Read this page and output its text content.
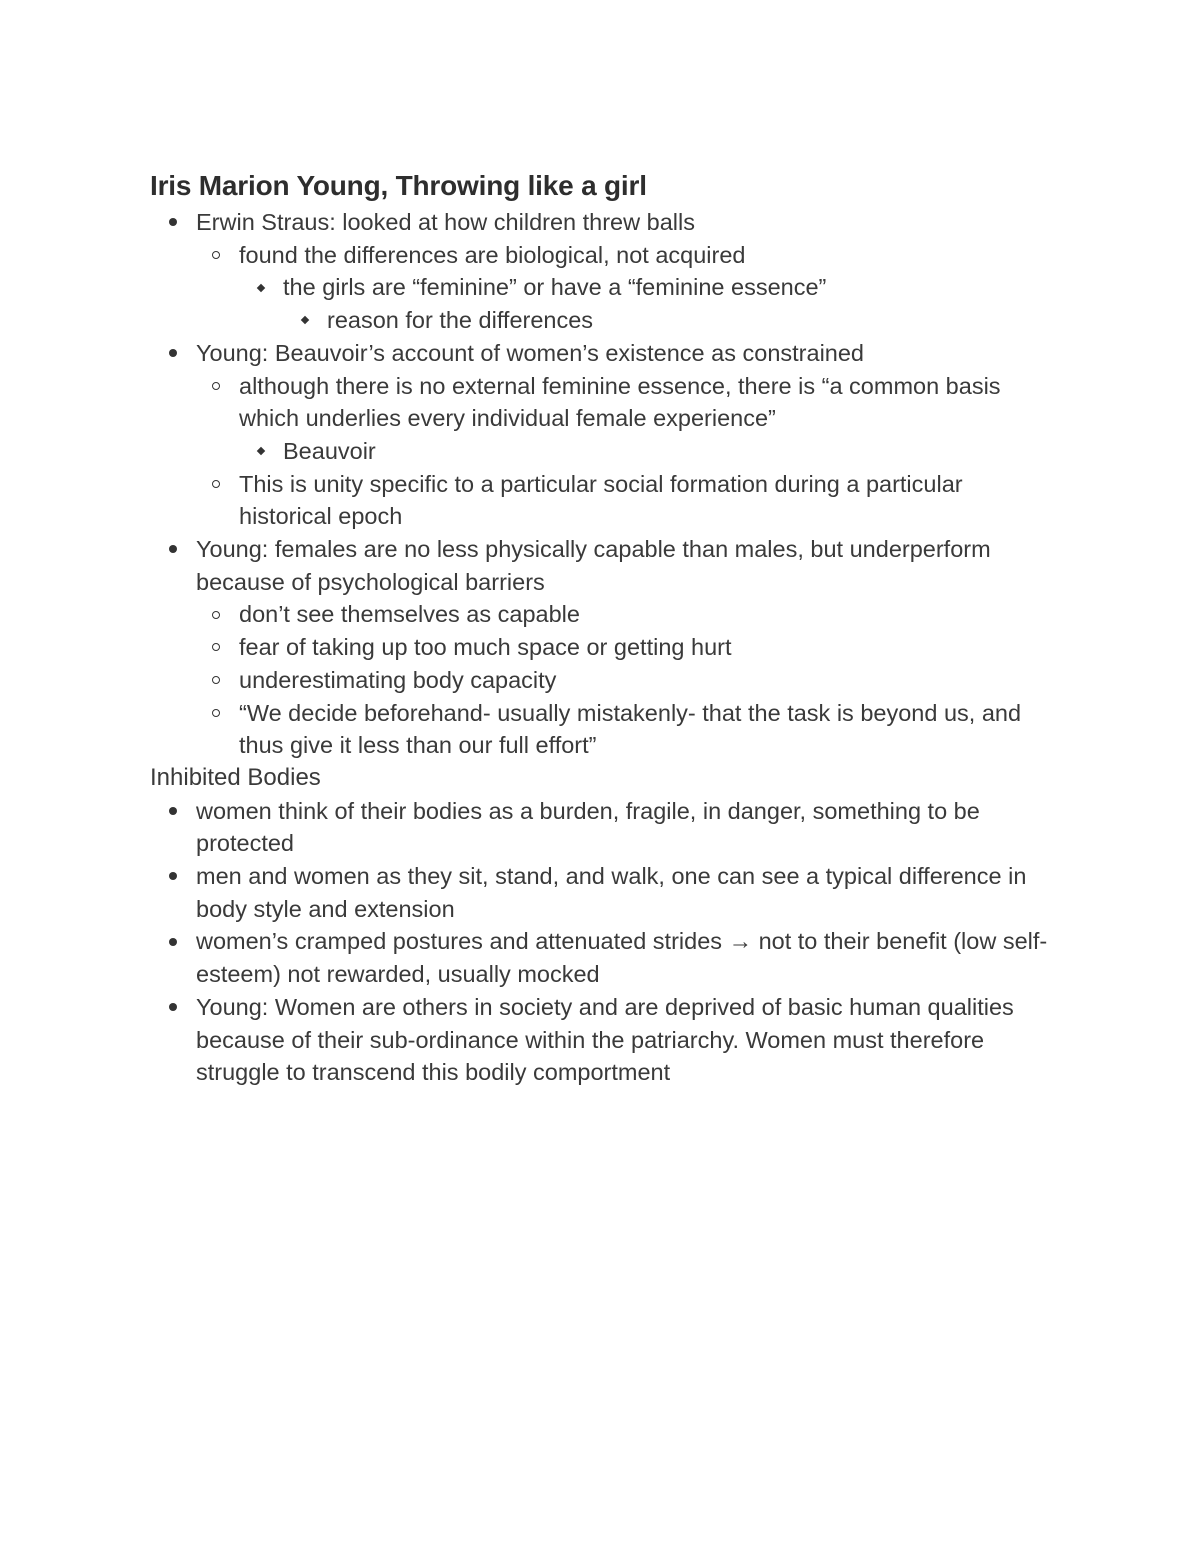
Iris Marion Young, Throwing like a girl
Erwin Straus: looked at how children threw balls
found the differences are biological, not acquired
the girls are “feminine” or have a “feminine essence”
reason for the differences
Young: Beauvoir’s account of women’s existence as constrained
although there is no external feminine essence, there is “a common basis which underlies every individual female experience”
Beauvoir
This is unity specific to a particular social formation during a particular historical epoch
Young: females are no less physically capable than males, but underperform because of psychological barriers
don’t see themselves as capable
fear of taking up too much space or getting hurt
underestimating body capacity
“We decide beforehand- usually mistakenly- that the task is beyond us, and thus give it less than our full effort”

Inhibited Bodies

women think of their bodies as a burden, fragile, in danger, something to be protected
men and women as they sit, stand, and walk, one can see a typical difference in body style and extension
women’s cramped postures and attenuated strides → not to their benefit (low self-esteem) not rewarded, usually mocked
Young: Women are others in society and are deprived of basic human qualities because of their sub-ordinance within the patriarchy. Women must therefore struggle to transcend this bodily comportment
